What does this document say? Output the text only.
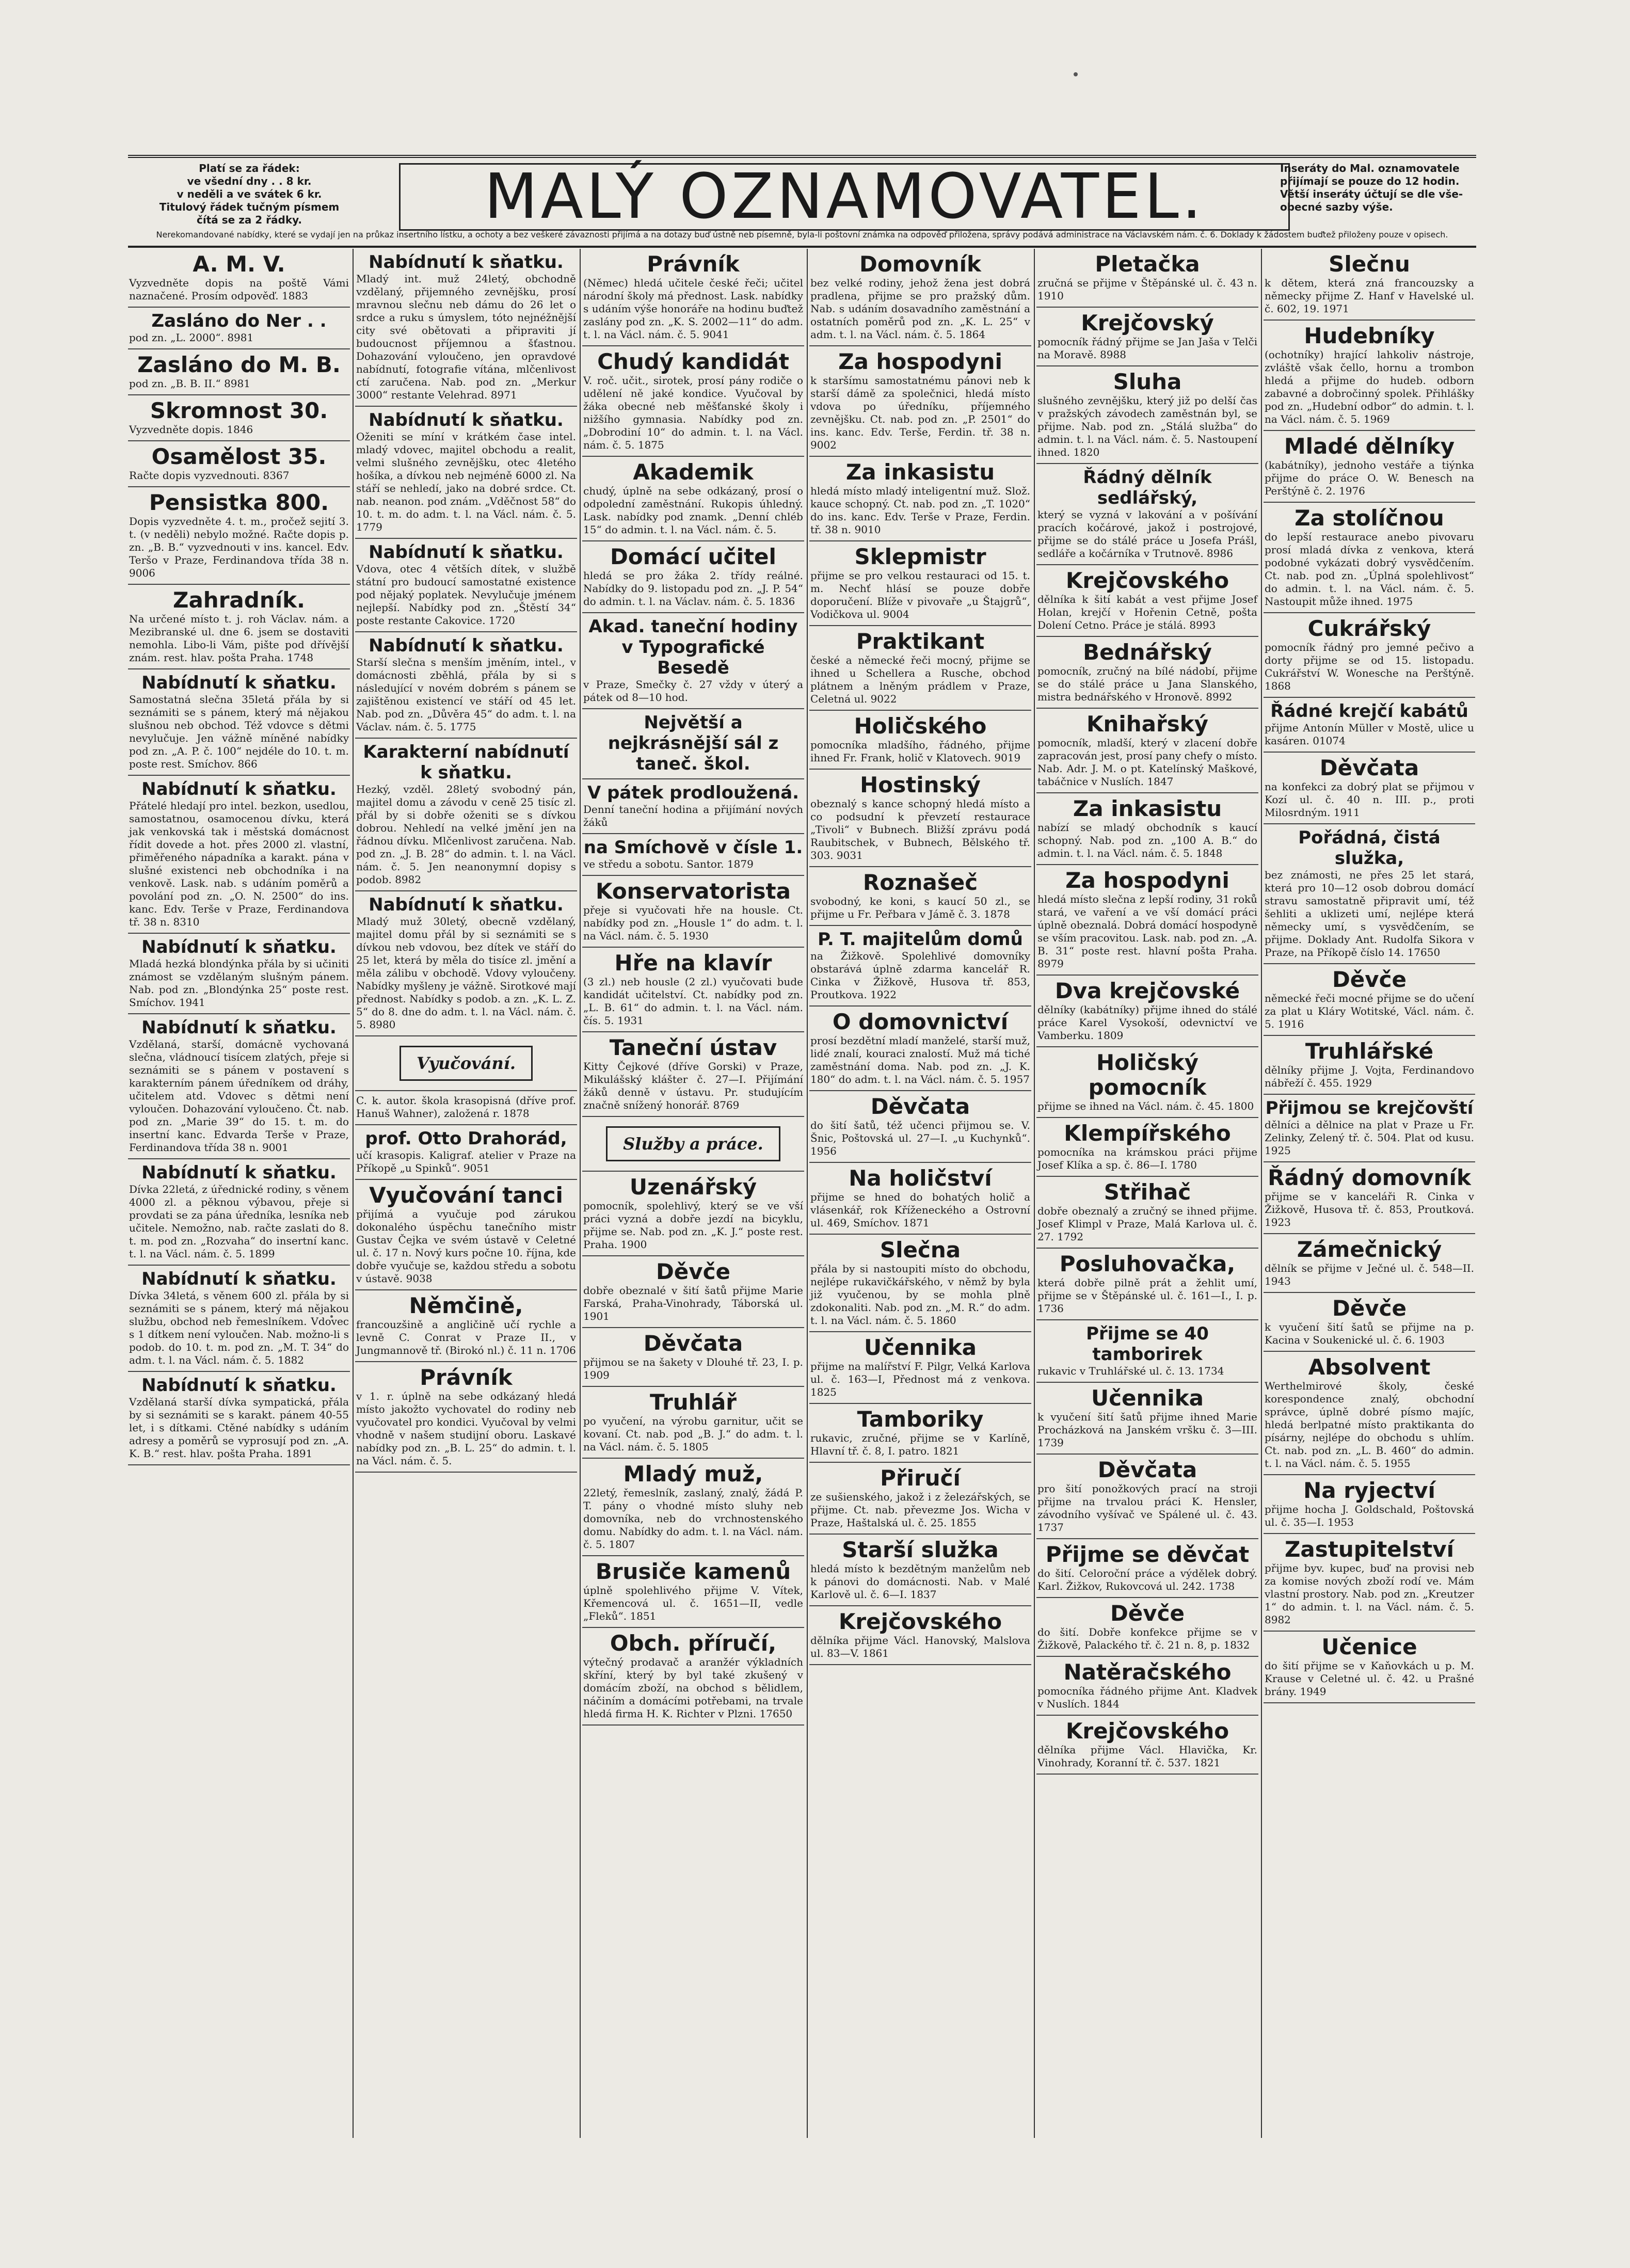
Platí se za řádek:
ve všední dny . . 8 kr.
v neděli a ve svátek 6 kr.
Titulový řádek tučným písmem
čítá se za 2 řádky.	MALÝ OZNAMOVATEL.	Inseráty do Mal. oznamovatele
přijímají se pouze do 12 hodin.
Větší inseráty účtují se dle vše-
obecné sazby výše.
Nerekomandované nabídky, které se vydají jen na průkaz insertního lístku, a ochoty a bez veškeré závaznosti přijímá a na dotazy buď ústně neb písemně, byla-li poštovní známka na odpověď přiložena, správy podává administrace na Václavském nám. č. 6. Doklady k žádostem buďtež přiloženy pouze v opisech.
A. M. V.
Vyzvedněte dopis na poště Vámi naznačené. Prosím odpověď. 1883
Zasláno do Ner . .
pod zn. „L. 2000“. 8981
Zasláno do M. B.
pod zn. „B. B. II.“ 8981
Skromnost 30.
Vyzvedněte dopis. 1846
Osamělost 35.
Račte dopis vyzvednouti. 8367
Pensistka 800.
Dopis vyzvedněte 4. t. m., pročež sejití 3. t. (v neděli) nebylo možné. Račte dopis p. zn. „B. B.“ vyzvednouti v ins. kancel. Edv. Teršo v Praze, Ferdinandova třída 38 n. 9006
Zahradník.
Na určené místo t. j. roh Václav. nám. a Mezibranské ul. dne 6. jsem se dostaviti nemohla. Libo-li Vám, pište pod dřívější znám. rest. hlav. pošta Praha. 1748
Nabídnutí k sňatku.
Samostatná slečna 35letá přála by si seznámiti se s pánem, který má nějakou slušnou neb obchod. Též vdovce s dětmi nevylučuje. Jen vážně míněné nabídky pod zn. „A. P. č. 100“ nejdéle do 10. t. m. poste rest. Smíchov. 866
Nabídnutí k sňatku.
Přátelé hledají pro intel. bezkon, usedlou, samostatnou, osamocenou dívku, která jak venkovská tak i městská domácnost řídit dovede a hot. přes 2000 zl. vlastní, přiměřeného nápadníka a karakt. pána v slušné existenci neb obchodníka i na venkově. Lask. nab. s udáním poměrů a povolání pod zn. „O. N. 2500“ do ins. kanc. Edv. Terše v Praze, Ferdinandova tř. 38 n. 8310
Nabídnutí k sňatku.
Mladá hezká blondýnka přála by si učiniti známost se vzdělaným slušným pánem. Nab. pod zn. „Blondýnka 25“ poste rest. Smíchov. 1941
Nabídnutí k sňatku.
Vzdělaná, starší, domácně vychovaná slečna, vládnoucí tisícem zlatých, přeje si seznámiti se s pánem v postavení s karakterním pánem úředníkem od dráhy, učitelem atd. Vdovec s dětmi není vyloučen. Dohazování vyloučeno. Čt. nab. pod zn. „Marie 39“ do 15. t. m. do insertní kanc. Edvarda Terše v Praze, Ferdinandova třída 38 n. 9001
Nabídnutí k sňatku.
Dívka 22letá, z úřednické rodiny, s věnem 4000 zl. a pěknou výbavou, přeje si provdati se za pána úředníka, lesníka neb učitele. Nemožno, nab. račte zaslati do 8. t. m. pod zn. „Rozvaha“ do insertní kanc. t. l. na Václ. nám. č. 5. 1899
Nabídnutí k sňatku.
Dívka 34letá, s věnem 600 zl. přála by si seznámiti se s pánem, který má nějakou službu, obchod neb řemeslníkem. Vdovec s 1 dítkem není vyloučen. Nab. možno-li s podob. do 10. t. m. pod zn. „M. T. 34“ do adm. t. l. na Václ. nám. č. 5. 1882
Nabídnutí k sňatku.
Vzdělaná starší dívka sympatická, přála by si seznámiti se s karakt. pánem 40-55 let, i s dítkami. Ctěné nabídky s udáním adresy a poměrů se vyprosují pod zn. „A. K. B.“ rest. hlav. pošta Praha. 1891
Nabídnutí k sňatku.
Mladý int. muž 24letý, obchodně vzdělaný, přijemného zevnějšku, prosí mravnou slečnu neb dámu do 26 let o srdce a ruku s úmyslem, tóto nejnéžnější city své obětovati a připraviti jí budoucnost příjemnou a šťastnou. Dohazování vyloučeno, jen opravdové nabídnutí, fotografie vítána, mlčenlivost ctí zaručena. Nab. pod zn. „Merkur 3000“ restante Velehrad. 8971
Nabídnutí k sňatku.
Oženiti se míní v krátkém čase intel. mladý vdovec, majitel obchodu a realit, velmi slušného zevnějšku, otec 4letého hošíka, a dívkou neb nejméně 6000 zl. Na stáří se nehledí, jako na dobré srdce. Ct. nab. neanon. pod znám. „Vděčnost 58“ do 10. t. m. do adm. t. l. na Václ. nám. č. 5. 1779
Nabídnutí k sňatku.
Vdova, otec 4 větších dítek, v službě státní pro budoucí samostatné existence pod nějaký poplatek. Nevylučuje jménem nejlepší. Nabídky pod zn. „Štěstí 34“ poste restante Cakovice. 1720
Nabídnutí k sňatku.
Starší slečna s menším jměním, intel., v domácnosti zběhlá, přála by si s následující v novém dobrém s pánem se zajištěnou existencí ve stáří od 45 let. Nab. pod zn. „Důvěra 45“ do adm. t. l. na Václav. nám. č. 5. 1775
Karakterní nabídnutí k sňatku.
Hezký, vzděl. 28letý svobodný pán, majitel domu a závodu v ceně 25 tisíc zl. přál by si dobře oženiti se s dívkou dobrou. Nehledí na velké jmění jen na řádnou dívku. Mlčenlivost zaručena. Nab. pod zn. „J. B. 28“ do admin. t. l. na Václ. nám. č. 5. Jen neanonymní dopisy s podob. 8982
Nabídnutí k sňatku.
Mladý muž 30letý, obecně vzdělaný, majitel domu přál by si seznámiti se s dívkou neb vdovou, bez dítek ve stáří do 25 let, která by měla do tisíce zl. jmění a měla zálibu v obchodě. Vdovy vyloučeny. Nabídky myšleny je vážně. Sirotkové mají přednost. Nabídky s podob. a zn. „K. L. Z. 5“ do 8. dne do adm. t. l. na Václ. nám. č. 5. 8980
Vyučování.
C. k. autor. škola krasopisná (dříve prof. Hanuš Wahner), založená r. 1878
prof. Otto Drahorád,
učí krasopis. Kaligraf. atelier v Praze na Příkopě „u Spinků“. 9051
Vyučování tanci
přijímá a vyučuje pod zárukou dokonalého úspěchu tanečního mistr Gustav Čejka ve svém ústavě v Celetné ul. č. 17 n. Nový kurs počne 10. října, kde dobře vyučuje se, každou středu a sobotu v ústavě. 9038
Němčině,
francouzšině a angličině učí rychle a levně C. Conrat v Praze II., v Jungmannově tř. (Birokó nl.) č. 11 n. 1706
Právník
v 1. r. úplně na sebe odkázaný hledá místo jakožto vychovatel do rodiny neb vyučovatel pro kondici. Vyučoval by velmi vhodně v našem studijní oboru. Laskavé nabídky pod zn. „B. L. 25“ do admin. t. l. na Václ. nám. č. 5.
Právník
(Němec) hledá učitele české řeči; učitel národní školy má přednost. Lask. nabídky s udáním výše honoráře na hodinu buďtež zaslány pod zn. „K. S. 2002—11“ do adm. t. l. na Václ. nám. č. 5. 9041
Chudý kandidát
V. roč. učit., sirotek, prosí pány rodiče o udělení ně jaké kondice. Vyučoval by žáka obecné neb měšťanské školy i nižšího gymnasia. Nabídky pod zn. „Dobrodiní 10“ do admin. t. l. na Václ. nám. č. 5. 1875
Akademik
chudý, úplně na sebe odkázaný, prosí o odpolední zaměstnání. Rukopis úhledný. Lask. nabídky pod znamk. „Denní chléb 15“ do admin. t. l. na Václ. nám. č. 5.
Domácí učitel
hledá se pro žáka 2. třídy reálné. Nabídky do 9. listopadu pod zn. „J. P. 54“ do admin. t. l. na Václav. nám. č. 5. 1836
Akad. taneční hodiny v Typografické Besedě
v Praze, Smečky č. 27 vždy v úterý a pátek od 8—10 hod.
Největší a nejkrásnější sál z taneč. škol.
V pátek prodloužená.
Denní taneční hodina a přijímání nových žáků
na Smíchově v čísle 1.
ve středu a sobotu. Santor. 1879
Konservatorista
přeje si vyučovati hře na housle. Ct. nabídky pod zn. „Housle 1“ do adm. t. l. na Václ. nám. č. 5. 1930
Hře na klavír
(3 zl.) neb housle (2 zl.) vyučovati bude kandidát učitelství. Ct. nabídky pod zn. „L. B. 61“ do admin. t. l. na Václ. nám. čís. 5. 1931
Taneční ústav
Kitty Čejkové (dříve Gorski) v Praze, Mikulášský klášter č. 27—I. Přijímání žáků denně v ústavu. Pr. studujícím značně snížený honorář. 8769
Služby a práce.
Uzenářský
pomocník, spolehlivý, který se ve vší práci vyzná a dobře jezdí na bicyklu, přijme se. Nab. pod zn. „K. J.“ poste rest. Praha. 1900
Děvče
dobře obeznalé v šití šatů přijme Marie Farská, Praha-Vinohrady, Táborská ul. 1901
Děvčata
přijmou se na šakety v Dlouhé tř. 23, I. p. 1909
Truhlář
po vyučení, na výrobu garnitur, učit se kovaní. Ct. nab. pod „B. J.“ do adm. t. l. na Václ. nám. č. 5. 1805
Mladý muž,
22letý, řemeslník, zaslaný, znalý, žádá P. T. pány o vhodné místo sluhy neb domovníka, neb do vrchnostenského domu. Nabídky do adm. t. l. na Václ. nám. č. 5. 1807
Brusiče kamenů
úplně spolehlivého přijme V. Vítek, Křemencová ul. č. 1651—II, vedle „Fleků“. 1851
Obch. příručí,
výtečný prodavač a aranžér výkladních skříní, který by byl také zkušený v domácím zboží, na obchod s bělidlem, náčiním a domácími potřebami, na trvale hledá firma H. K. Richter v Plzni. 17650
Domovník
bez velké rodiny, jehož žena jest dobrá pradlena, přijme se pro pražský dům. Nab. s udáním dosavadního zaměstnání a ostatních poměrů pod zn. „K. L. 25“ v adm. t. l. na Václ. nám. č. 5. 1864
Za hospodyni
k staršímu samostatnému pánovi neb k starší dámě za společnici, hledá místo vdova po úředníku, příjemného zevnějšku. Ct. nab. pod zn. „P. 2501“ do ins. kanc. Edv. Terše, Ferdin. tř. 38 n. 9002
Za inkasistu
hledá místo mladý inteligentní muž. Slož. kauce schopný. Ct. nab. pod zn. „T. 1020“ do ins. kanc. Edv. Terše v Praze, Ferdin. tř. 38 n. 9010
Sklepmistr
přijme se pro velkou restauraci od 15. t. m. Nechť hlásí se pouze dobře doporučení. Blíže v pivovaře „u Štajgrů“, Vodičkova ul. 9004
Praktikant
české a německé řeči mocný, přijme se ihned u Schellera a Rusche, obchod plátnem a lněným prádlem v Praze, Celetná ul. 9022
Holičského
pomocníka mladšího, řádného, přijme ihned Fr. Frank, holič v Klatovech. 9019
Hostinský
obeznalý s kance schopný hledá místo a co podsudní k převzetí restaurace „Tivoli“ v Bubnech. Bližší zprávu podá Raubitschek, v Bubnech, Bělského tř. 303. 9031
Roznašeč
svobodný, ke koni, s kaucí 50 zl., se přijme u Fr. Peřbara v Jámě č. 3. 1878
P. T. majitelům domů
na Žižkově. Spolehlivé domovníky obstarává úplně zdarma kancelář R. Cinka v Žižkově, Husova tř. 853, Proutkova. 1922
O domovnictví
prosí bezdětní mladí manželé, starší muž, lidé znalí, kouraci znalostí. Muž má tiché zaměstnání doma. Nab. pod zn. „J. K. 180“ do adm. t. l. na Václ. nám. č. 5. 1957
Děvčata
do šití šatů, též učenci přijmou se. V. Šnic, Poštovská ul. 27—I. „u Kuchynků“. 1956
Na holičství
přijme se hned do bohatých holič a vlásenkář, rok Kříženeckého a Ostrovní ul. 469, Smíchov. 1871
Slečna
přála by si nastoupiti místo do obchodu, nejlépe rukavičkářského, v němž by byla již vyučenou, by se mohla plně zdokonaliti. Nab. pod zn. „M. R.“ do adm. t. l. na Václ. nám. č. 5. 1860
Učennika
přijme na malířství F. Pilgr, Velká Karlova ul. č. 163—I, Přednost má z venkova. 1825
Tamboriky
rukavic, zručné, přijme se v Karlíně, Hlavní tř. č. 8, I. patro. 1821
Přiručí
ze sušienského, jakož i z železářských, se přijme. Ct. nab. převezme Jos. Wicha v Praze, Haštalská ul. č. 25. 1855
Starší služka
hledá místo k bezdětným manželům neb k pánovi do domácnosti. Nab. v Malé Karlově ul. č. 6—I. 1837
Krejčovského
dělníka přijme Václ. Hanovský, Malslova ul. 83—V. 1861
Pletačka
zručná se přijme v Štěpánské ul. č. 43 n. 1910
Krejčovský
pomocník řádný přijme se Jan Jaša v Telči na Moravě. 8988
Sluha
slušného zevnějšku, který již po delší čas v pražských závodech zaměstnán byl, se přijme. Nab. pod zn. „Stálá služba“ do admin. t. l. na Václ. nám. č. 5. Nastoupení ihned. 1820
Řádný dělník sedlářský,
který se vyzná v lakování a v pošívání pracích kočárové, jakož i postrojové, přijme se do stálé práce u Josefa Prášl, sedláře a kočárníka v Trutnově. 8986
Krejčovského
dělníka k šití kabát a vest přijme Josef Holan, krejčí v Hořenin Cetně, pošta Dolení Cetno. Práce je stálá. 8993
Bednářský
pomocník, zručný na bílé nádobí, přijme se do stálé práce u Jana Slanského, mistra bednářského v Hronově. 8992
Knihařský
pomocník, mladší, který v zlacení dobře zapracován jest, prosí pany chefy o místo. Nab. Adr. J. M. o pt. Katelínský Maškové, tabáčnice v Nuslích. 1847
Za inkasistu
nabízí se mladý obchodník s kaucí schopný. Nab. pod zn. „100 A. B.“ do admin. t. l. na Václ. nám. č. 5. 1848
Za hospodyni
hledá místo slečna z lepší rodiny, 31 roků stará, ve vaření a ve vší domácí práci úplně obeznalá. Dobrá domácí hospodyně se vším pracovitou. Lask. nab. pod zn. „A. B. 31“ poste rest. hlavní pošta Praha. 8979
Dva krejčovské
dělníky (kabátníky) přijme ihned do stálé práce Karel Vysokoší, odevnictví ve Vamberku. 1809
Holičský pomocník
přijme se ihned na Václ. nám. č. 45. 1800
Klempířského
pomocníka na krámskou práci přijme Josef Klíka a sp. č. 86—I. 1780
Střihač
dobře obeznalý a zručný se ihned přijme. Josef Klimpl v Praze, Malá Karlova ul. č. 27. 1792
Posluhovačka,
která dobře pilně prát a žehlit umí, přijme se v Štěpánské ul. č. 161—I., I. p. 1736
Přijme se 40 tamborirek
rukavic v Truhlářské ul. č. 13. 1734
Učennika
k vyučení šití šatů přijme ihned Marie Procházková na Janském vršku č. 3—III. 1739
Děvčata
pro šití ponožkových prací na stroji přijme na trvalou práci K. Hensler, závodního vyšívač ve Spálené ul. č. 43. 1737
Přijme se děvčat
do šití. Celoroční práce a výdělek dobrý. Karl. Žižkov, Rukovcová ul. 242. 1738
Děvče
do šití. Dobře konfekce přijme se v Žižkově, Palackého tř. č. 21 n. 8, p. 1832
Natěračského
pomocníka řádného přijme Ant. Kladvek v Nuslích. 1844
Krejčovského
dělníka přijme Václ. Hlavička, Kr. Vinohrady, Koranní tř. č. 537. 1821
Slečnu
k dětem, která zná francouzsky a německy přijme Z. Hanf v Havelské ul. č. 602, 19. 1971
Hudebníky
(ochotníky) hrající lahkoliv nástroje, zvláště však čello, hornu a trombon hledá a přijme do hudeb. odborn zabavné a dobročinný spolek. Přihlášky pod zn. „Hudební odbor“ do admin. t. l. na Václ. nám. č. 5. 1969
Mladé dělníky
(kabátníky), jednoho vestáře a tiýnka přijme do práce O. W. Benesch na Perštýně č. 2. 1976
Za stolíčnou
do lepší restaurace anebo pivovaru prosí mladá dívka z venkova, která podobné vykázati dobrý vysvědčením. Ct. nab. pod zn. „Úplná spolehlivost“ do admin. t. l. na Václ. nám. č. 5. Nastoupit může ihned. 1975
Cukrářský
pomocník řádný pro jemné pečivo a dorty přijme se od 15. listopadu. Cukrářství W. Wonesche na Perštýně. 1868
Řádné krejčí kabátů
přijme Antonín Müller v Mostě, ulice u kasáren. 01074
Děvčata
na konfekci za dobrý plat se přijmou v Kozí ul. č. 40 n. III. p., proti Milosrdným. 1911
Pořádná, čistá služka,
bez známosti, ne přes 25 let stará, která pro 10—12 osob dobrou domácí stravu samostatně připravit umí, též šehliti a uklizeti umí, nejlépe která německy umí, s vysvědčením, se přijme. Doklady Ant. Rudolfa Sikora v Praze, na Příkopě číslo 14. 17650
Děvče
německé řeči mocné přijme se do učení za plat u Kláry Wotitské, Václ. nám. č. 5. 1916
Truhlářské
dělníky přijme J. Vojta, Ferdinandovo nábřeží č. 455. 1929
Přijmou se krejčovští
dělníci a dělnice na plat v Praze u Fr. Zelinky, Zelený tř. č. 504. Plat od kusu. 1925
Řádný domovník
přijme se v kanceláři R. Cinka v Žižkově, Husova tř. č. 853, Proutková. 1923
Zámečnický
dělník se přijme v Ječné ul. č. 548—II. 1943
Děvče
k vyučení šití šatů se přijme na p. Kacina v Soukenické ul. č. 6. 1903
Absolvent
Werthelmirové školy, české korespondence znalý, obchodní správce, úplně dobré písmo majíc, hledá berlpatné místo praktikanta do písárny, nejlépe do obchodu s uhlím. Ct. nab. pod zn. „L. B. 460“ do admin. t. l. na Václ. nám. č. 5. 1955
Na ryjectví
přijme hocha J. Goldschald, Poštovská ul. č. 35—I. 1953
Zastupitelství
přijme byv. kupec, buď na provisi neb za komise nových zboží rodí ve. Mám vlastní prostory. Nab. pod zn. „Kreutzer 1“ do admin. t. l. na Václ. nám. č. 5. 8982
Učenice
do šití přijme se v Kaňovkách u p. M. Krause v Celetné ul. č. 42. u Prašné brány. 1949
